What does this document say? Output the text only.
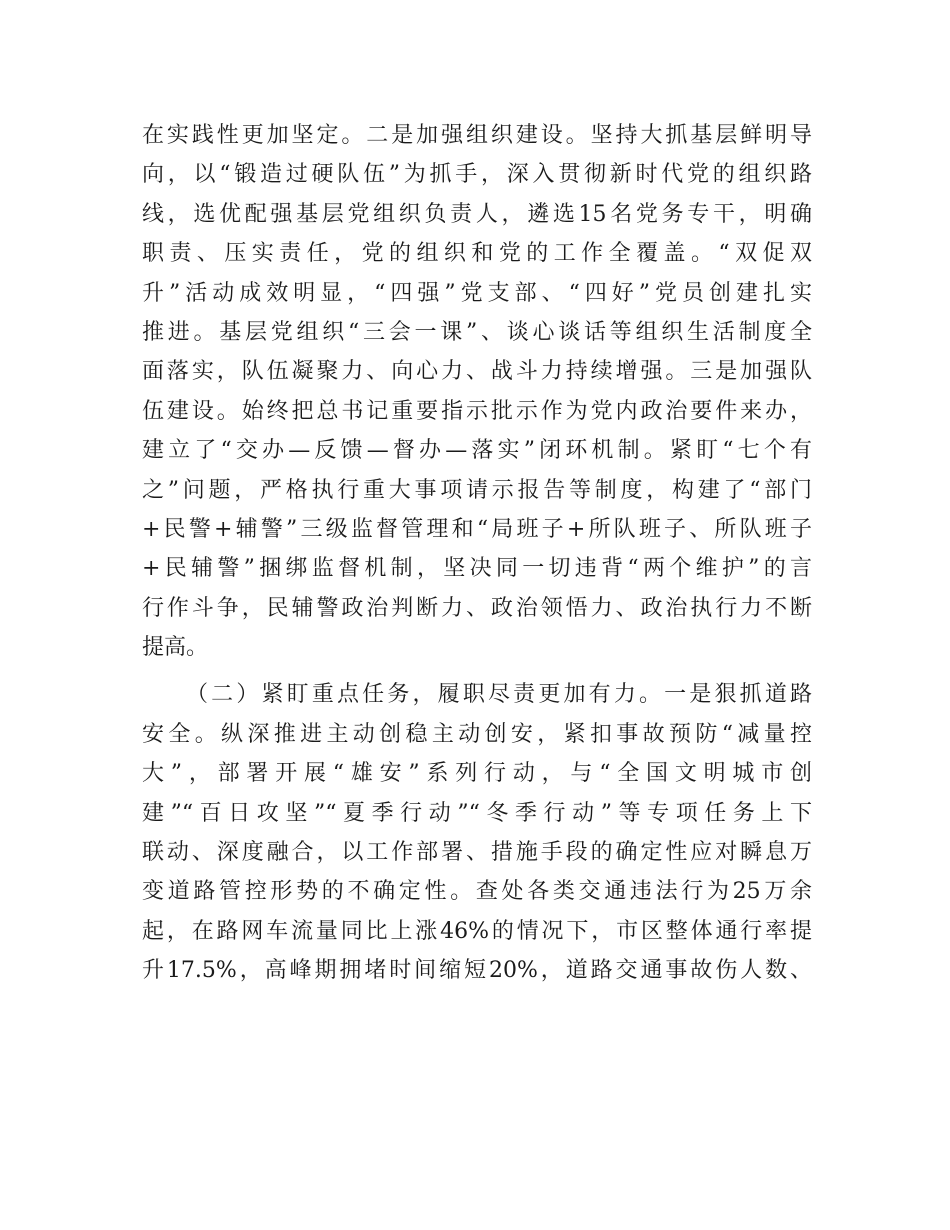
在实践性更加坚定。二是加强组织建设。坚持大抓基层鲜明导
向，以“锻造过硬队伍”为抓手，深入贯彻新时代党的组织路
线，选优配强基层党组织负责人，遴选15名党务专干，明确
职责、压实责任，党的组织和党的工作全覆盖。“双促双
升”活动成效明显，“四强”党支部、“四好”党员创建扎实
推进。基层党组织“三会一课”、谈心谈话等组织生活制度全
面落实，队伍凝聚力、向心力、战斗力持续增强。三是加强队
伍建设。始终把总书记重要指示批示作为党内政治要件来办，
建立了“交办—反馈—督办—落实”闭环机制。紧盯“七个有
之”问题，严格执行重大事项请示报告等制度，构建了“部门
+民警+辅警”三级监督管理和“局班子+所队班子、所队班子
+民辅警”捆绑监督机制，坚决同一切违背“两个维护”的言
行作斗争，民辅警政治判断力、政治领悟力、政治执行力不断
提高。
（二）紧盯重点任务，履职尽责更加有力。一是狠抓道路
安全。纵深推进主动创稳主动创安，紧扣事故预防“减量控
大”，部署开展“雄安”系列行动，与“全国文明城市创
建”“百日攻坚”“夏季行动”“冬季行动”等专项任务上下
联动、深度融合，以工作部署、措施手段的确定性应对瞬息万
变道路管控形势的不确定性。查处各类交通违法行为25万余
起，在路网车流量同比上涨46%的情况下，市区整体通行率提
升17.5%，高峰期拥堵时间缩短20%，道路交通事故伤人数、
